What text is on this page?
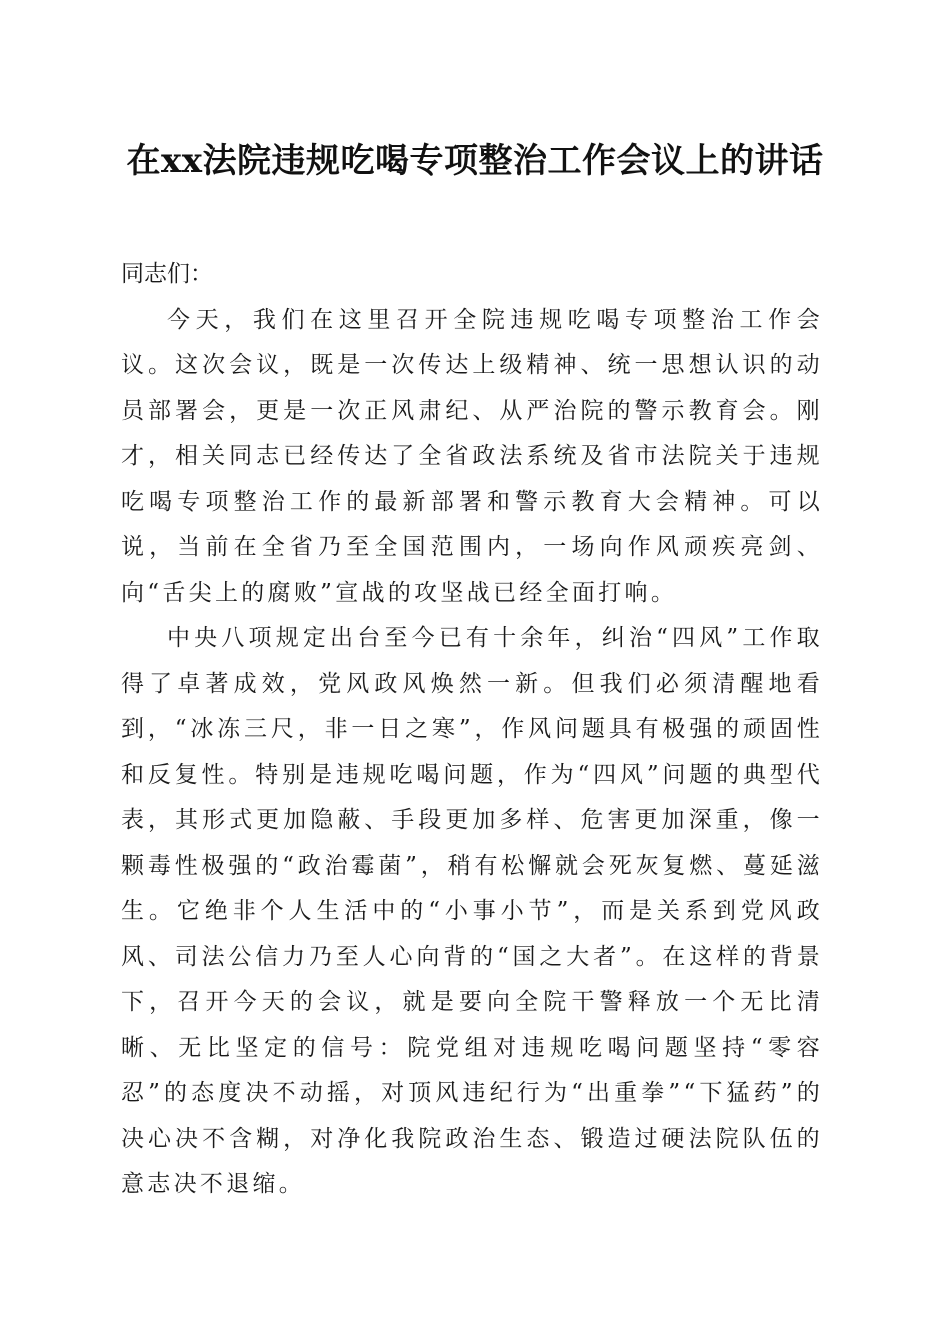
在xx法院违规吃喝专项整治工作会议上的讲话

同志们：

今天，我们在这里召开全院违规吃喝专项整治工作会议。这次会议，既是一次传达上级精神、统一思想认识的动员部署会，更是一次正风肃纪、从严治院的警示教育会。刚才，相关同志已经传达了全省政法系统及省市法院关于违规吃喝专项整治工作的最新部署和警示教育大会精神。可以说，当前在全省乃至全国范围内，一场向作风顽疾亮剑、向“舌尖上的腐败”宣战的攻坚战已经全面打响。

中央八项规定出台至今已有十余年，纠治“四风”工作取得了卓著成效，党风政风焕然一新。但我们必须清醒地看到，“冰冻三尺，非一日之寒”，作风问题具有极强的顽固性和反复性。特别是违规吃喝问题，作为“四风”问题的典型代表，其形式更加隐蔽、手段更加多样、危害更加深重，像一颗毒性极强的“政治霉菌”，稍有松懈就会死灰复燃、蔓延滋生。它绝非个人生活中的“小事小节”，而是关系到党风政风、司法公信力乃至人心向背的“国之大者”。在这样的背景下，召开今天的会议，就是要向全院干警释放一个无比清晰、无比坚定的信号：院党组对违规吃喝问题坚持“零容忍”的态度决不动摇，对顶风违纪行为“出重拳”“下猛药”的决心决不含糊，对净化我院政治生态、锻造过硬法院队伍的意志决不退缩。
